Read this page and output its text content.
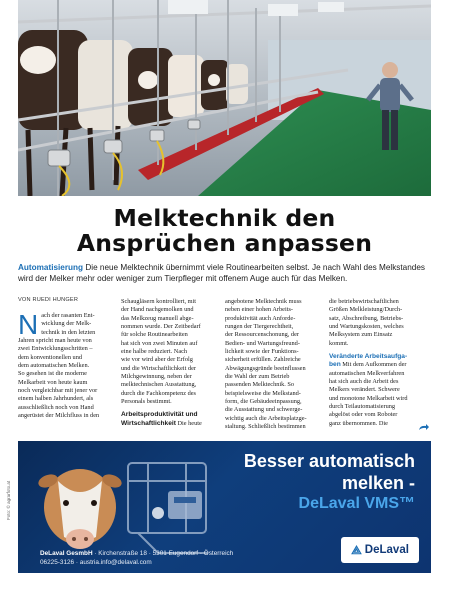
Melktechnik den
Ansprüchen anpassen

Automatisierung Die neue Melktechnik übernimmt viele Routinearbeiten selbst. Je nach Wahl des Melkstandes wird der Melker mehr oder weniger zum Tierpfleger mit offenem Auge auch für das Melken.

VON RUEDI HUNGER
N ach der rasanten Ent-
wicklung der Melk-
technik in den letzten
Jahren spricht man heute von
zwei Entwicklungsschritten –
dem konventionellen und
dem automatischen Melken.
So gesehen ist die moderne
Melkarbeit von heute kaum
noch vergleichbar mit jener vor
einem halben Jahrhundert, als
ausschließlich noch von Hand
angerüstet der Milchfluss in den
Schaugläsern kontrolliert, mit
der Hand nachgemolken und
das Melkzeug manuell abge-
nommen wurde. Der Zeitbedarf
für solche Routinearbeiten
hat sich von zwei Minuten auf
eine halbe reduziert. Nach
wie vor wird aber der Erfolg
und die Wirtschaftlichkeit der
Milchgewinnung, neben der
melktechnischen Ausstattung,
durch die Fachkompetenz des
Personals bestimmt.
Arbeitsproduktivität und
Wirtschaftlichkeit Die heute
angebotene Melktechnik muss
neben einer hohen Arbeits-
produktivität auch Anforde-
rungen der Tiergerechtheit,
der Ressourcenschonung, der
Bedien- und Wartungsfreund-
lichkeit sowie der Funktions-
sicherheit erfüllen. Zahlreiche
Abwägungsgründe beeinflussen
die Wahl der zum Betrieb
passenden Melktechnik. So
beispielsweise die Melkstand-
form, die Gebäudeeinpassung,
die Ausstattung und schwerge-
wichtig auch die Arbeitsplatzge-
staltung. Schließlich bestimmen
die betriebswirtschaftlichen
Größen Melkleistung/Durch-
satz, Abschreibung, Betriebs-
und Wartungskosten, welches
Melksystem zum Einsatz
kommt.
Veränderte Arbeitsaufga-
ben Mit dem Aufkommen der
automatischen Melkverfahren
hat sich auch die Arbeit des
Melkers verändert. Schwere
und monotone Melkarbeit wird
durch Teilautomatisierung
abgelöst oder vom Roboter
ganz übernommen. Die
Besser automatisch
melken -
DeLaval VMS™
DeLaval GesmbH · Kirchenstraße 18 · 5301 Eugendorf · Österreich
06225-3126 · austria.info@delaval.com
⟁ DeLaval
Foto: © agrarfoto.at
